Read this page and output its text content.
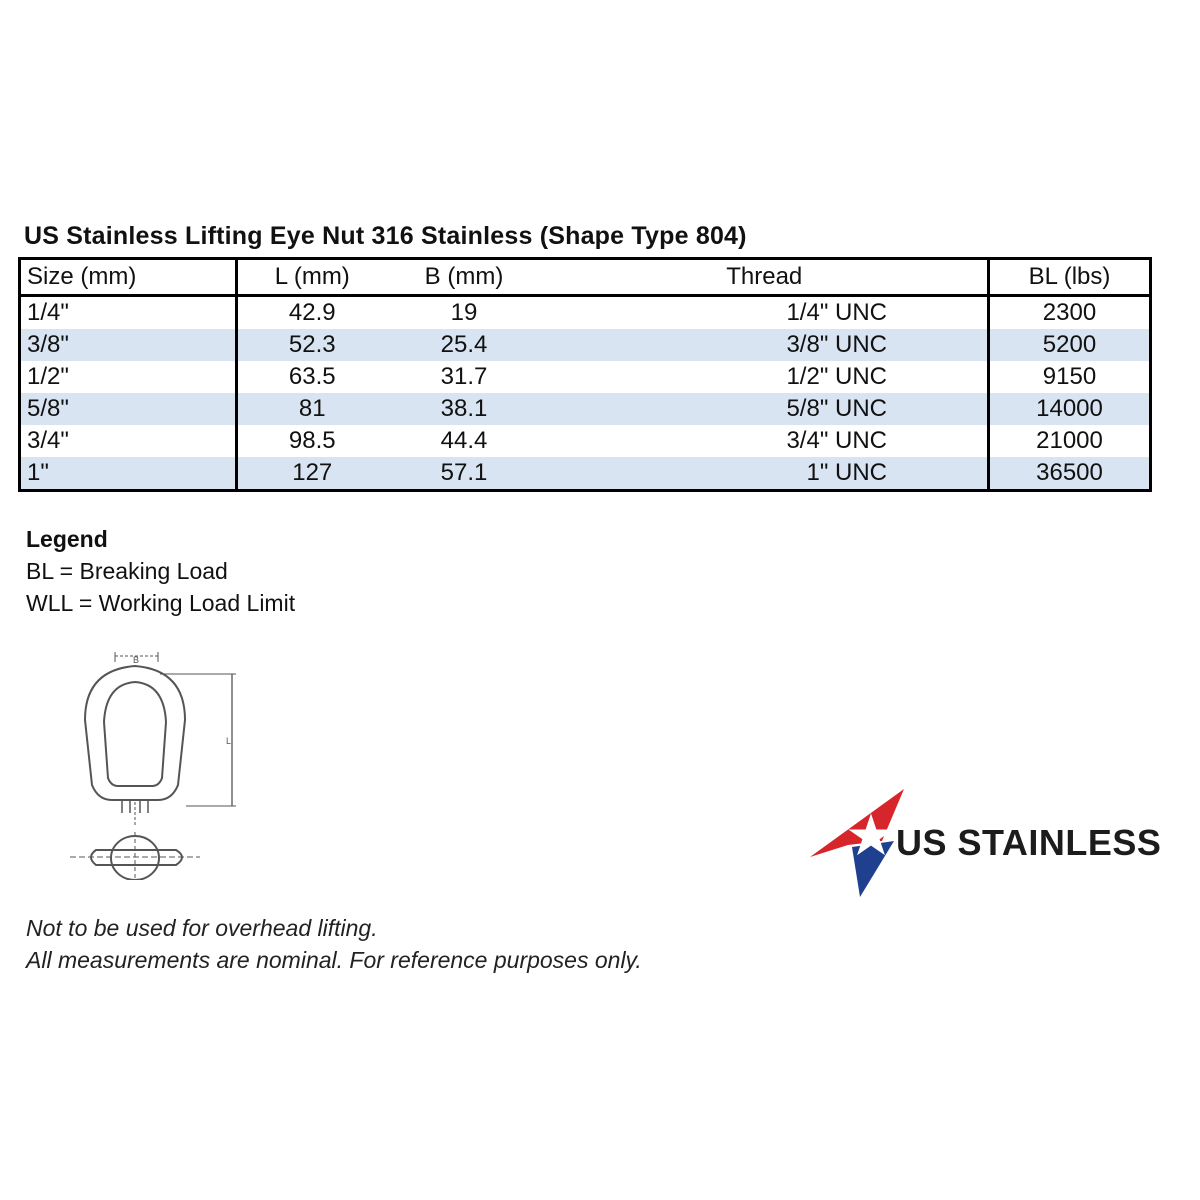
US Stainless Lifting Eye Nut 316 Stainless (Shape Type 804)
Size (mm)	L (mm)	B (mm)	Thread	BL (lbs)
1/4"	42.9	19	1/4" UNC	2300
3/8"	52.3	25.4	3/8" UNC	5200
1/2"	63.5	31.7	1/2" UNC	9150
5/8"	81	38.1	5/8" UNC	14000
3/4"	98.5	44.4	3/4" UNC	21000
1"	127	57.1	1" UNC	36500
Legend
BL = Breaking Load
WLL = Working Load Limit
B
L
US STAINLESS
Not to be used for overhead lifting.
All measurements are nominal. For reference purposes only.
